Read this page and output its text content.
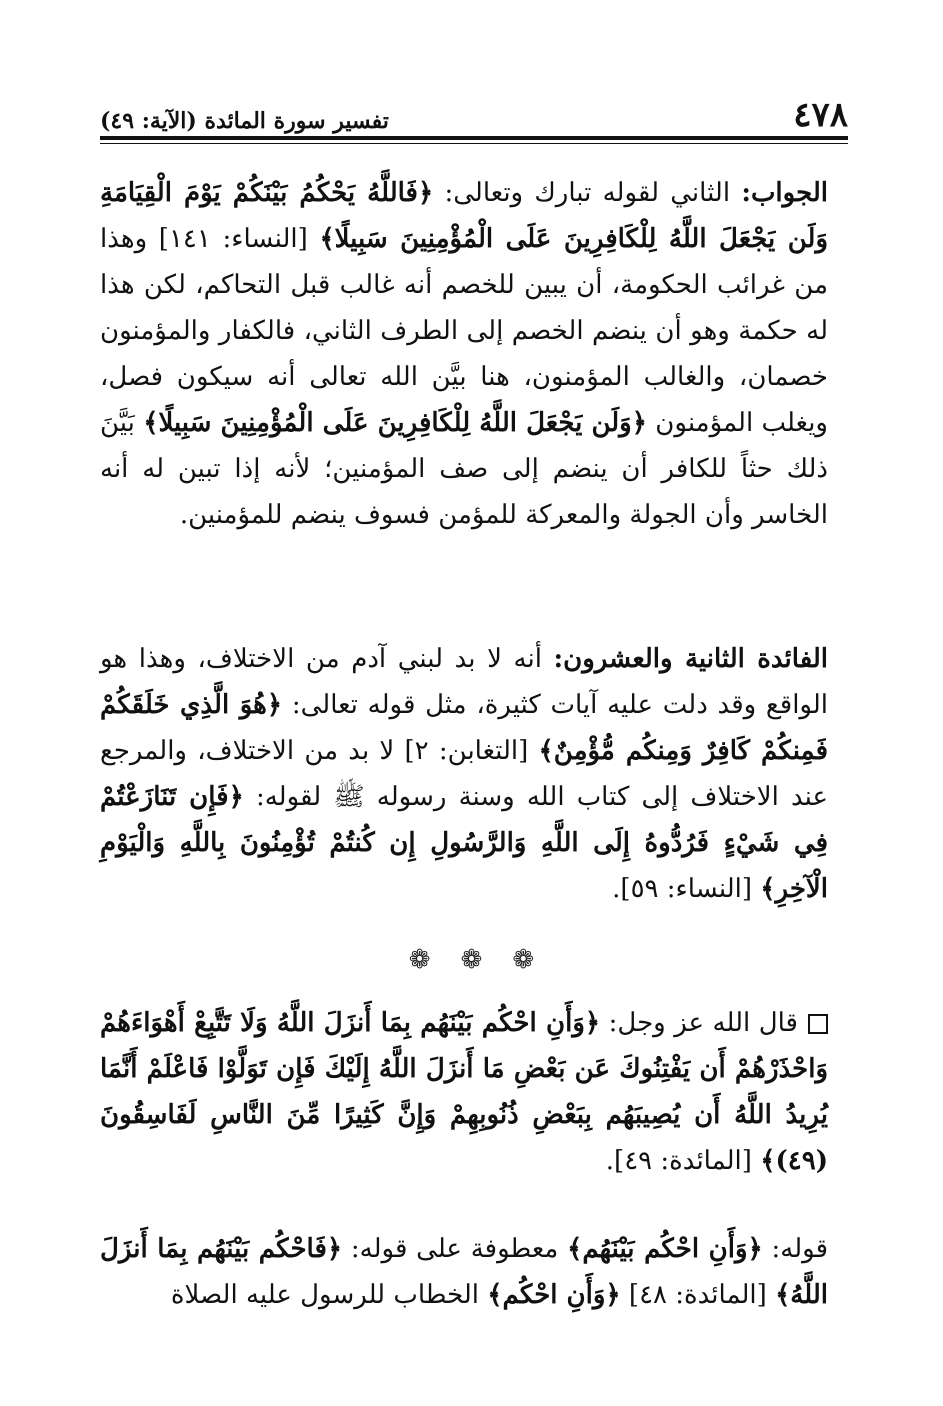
٤٧٨
تفسير سورة المائدة (الآية: ٤٩)
الجواب: الثاني لقوله تبارك وتعالى: ﴿فَاللَّهُ يَحْكُمُ بَيْنَكُمْ يَوْمَ الْقِيَامَةِ وَلَن يَجْعَلَ اللَّهُ لِلْكَافِرِينَ عَلَى الْمُؤْمِنِينَ سَبِيلًا﴾ [النساء: ١٤١] وهذا من غرائب الحكومة، أن يبين للخصم أنه غالب قبل التحاكم، لكن هذا له حكمة وهو أن ينضم الخصم إلى الطرف الثاني، فالكفار والمؤمنون خصمان، والغالب المؤمنون، هنا بيَّن الله تعالى أنه سيكون فصل، ويغلب المؤمنون ﴿وَلَن يَجْعَلَ اللَّهُ لِلْكَافِرِينَ عَلَى الْمُؤْمِنِينَ سَبِيلًا﴾ بَيَّنَ ذلك حثاً للكافر أن ينضم إلى صف المؤمنين؛ لأنه إذا تبين له أنه الخاسر وأن الجولة والمعركة للمؤمن فسوف ينضم للمؤمنين.
الفائدة الثانية والعشرون: أنه لا بد لبني آدم من الاختلاف، وهذا هو الواقع وقد دلت عليه آيات كثيرة، مثل قوله تعالى: ﴿هُوَ الَّذِي خَلَقَكُمْ فَمِنكُمْ كَافِرٌ وَمِنكُم مُّؤْمِنٌ﴾ [التغابن: ٢] لا بد من الاختلاف، والمرجع عند الاختلاف إلى كتاب الله وسنة رسوله ﷺ لقوله: ﴿فَإِن تَنَازَعْتُمْ فِي شَيْءٍ فَرُدُّوهُ إِلَى اللَّهِ وَالرَّسُولِ إِن كُنتُمْ تُؤْمِنُونَ بِاللَّهِ وَالْيَوْمِ الْآخِرِ﴾ [النساء: ٥٩].
❁ ❁ ❁
قال الله عز وجل: ﴿وَأَنِ احْكُم بَيْنَهُم بِمَا أَنزَلَ اللَّهُ وَلَا تَتَّبِعْ أَهْوَاءَهُمْ وَاحْذَرْهُمْ أَن يَفْتِنُوكَ عَن بَعْضِ مَا أَنزَلَ اللَّهُ إِلَيْكَ فَإِن تَوَلَّوْا فَاعْلَمْ أَنَّمَا يُرِيدُ اللَّهُ أَن يُصِيبَهُم بِبَعْضِ ذُنُوبِهِمْ وَإِنَّ كَثِيرًا مِّنَ النَّاسِ لَفَاسِقُونَ (٤٩)﴾ [المائدة: ٤٩].
قوله: ﴿وَأَنِ احْكُم بَيْنَهُم﴾ معطوفة على قوله: ﴿فَاحْكُم بَيْنَهُم بِمَا أَنزَلَ اللَّهُ﴾ [المائدة: ٤٨] ﴿وَأَنِ احْكُم﴾ الخطاب للرسول عليه الصلاة
